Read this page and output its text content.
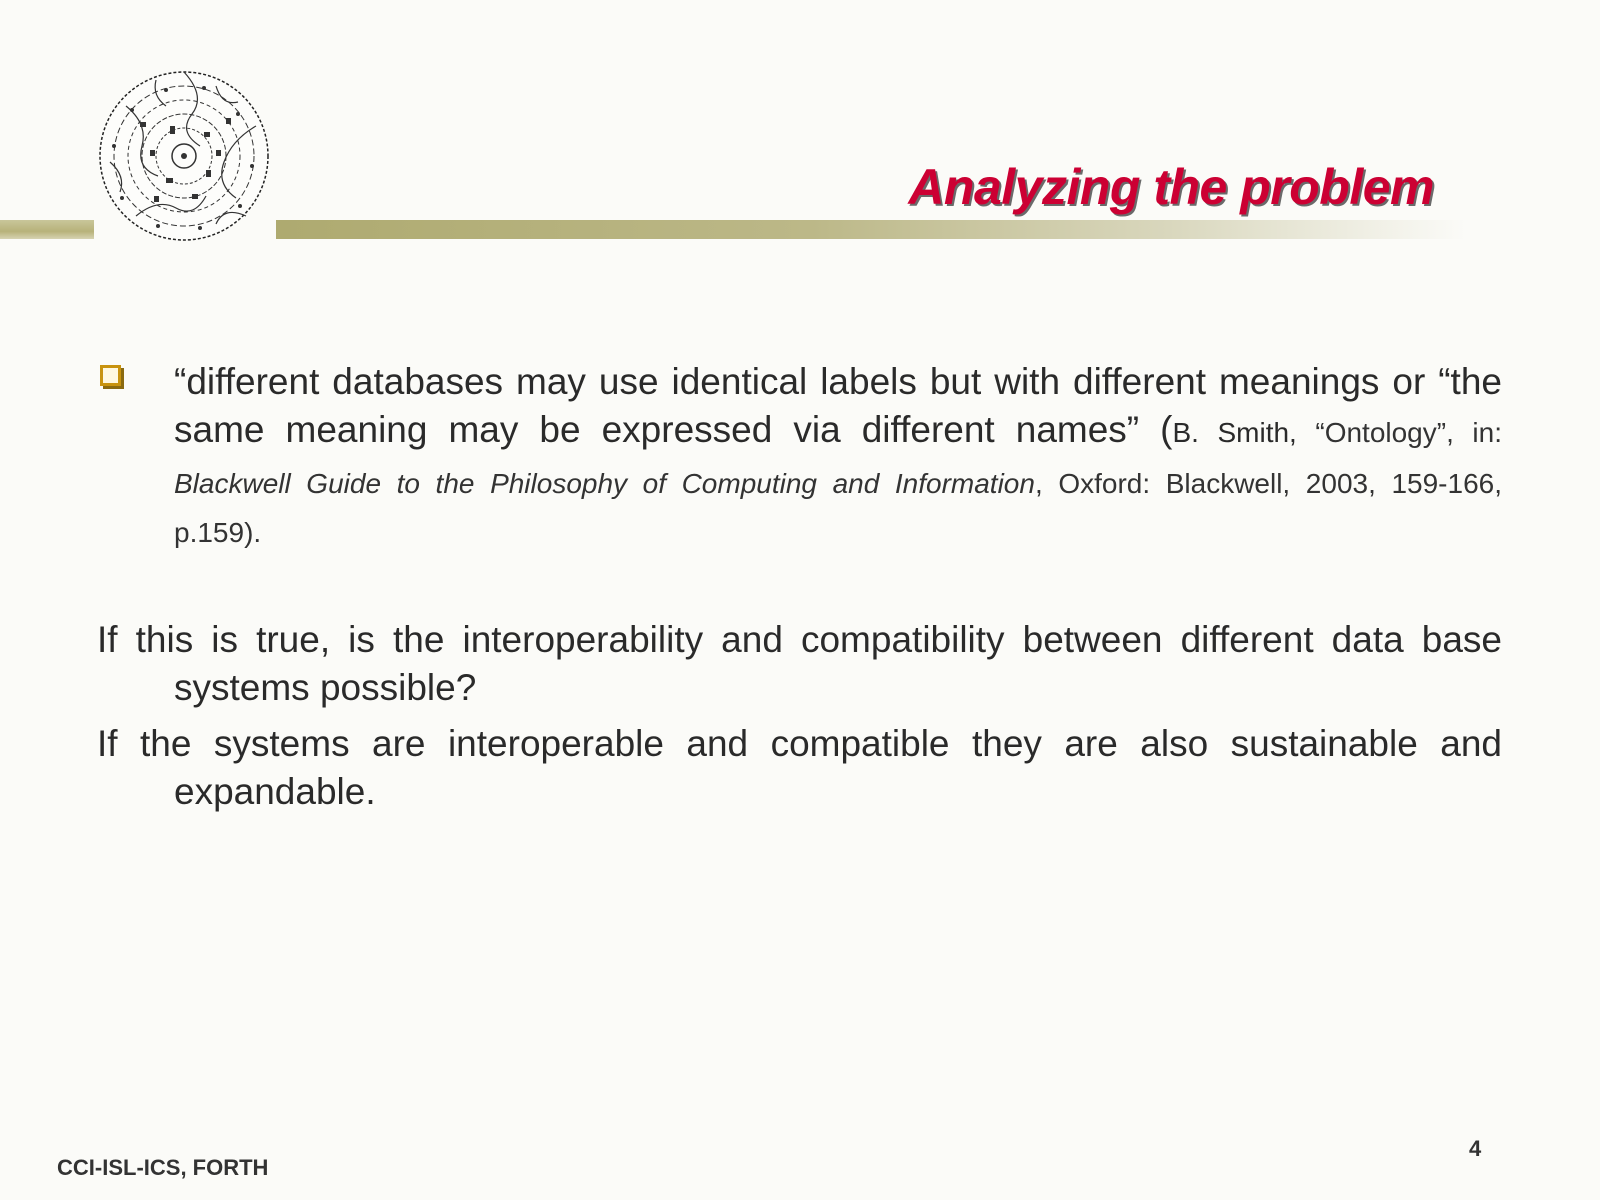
Analyzing the problem
“different databases may use identical labels but with different meanings or “the same meaning may be expressed via different names” (B. Smith, “Ontology”, in: Blackwell Guide to the Philosophy of Computing and Information, Oxford: Blackwell, 2003, 159-166, p.159).
If this is true, is the interoperability and compatibility between different data base systems possible?
If the systems are interoperable and compatible they are also sustainable and expandable.
CCI-ISL-ICS, FORTH
4
